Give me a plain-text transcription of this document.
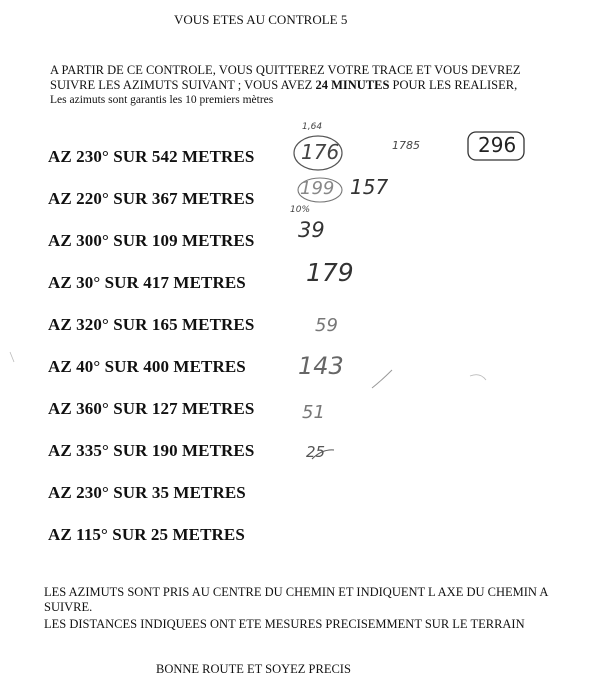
VOUS ETES AU CONTROLE 5
A PARTIR DE CE CONTROLE, VOUS QUITTEREZ VOTRE TRACE ET VOUS DEVREZ
SUIVRE LES AZIMUTS SUIVANT ; VOUS AVEZ 24 MINUTES POUR LES REALISER,
Les azimuts sont garantis les 10 premiers mètres
AZ 230° SUR 542 METRES
AZ 220° SUR 367 METRES
AZ 300° SUR 109 METRES
AZ 30° SUR 417 METRES
AZ 320° SUR 165 METRES
AZ 40° SUR 400 METRES
AZ 360° SUR 127 METRES
AZ 335° SUR 190 METRES
AZ 230° SUR 35 METRES
AZ 115° SUR 25 METRES
176
1,64
1785	296
199 157
10%
39
179
59
143
51
25
LES AZIMUTS SONT PRIS AU CENTRE DU CHEMIN ET INDIQUENT L AXE DU CHEMIN A
SUIVRE.
LES DISTANCES INDIQUEES ONT ETE MESURES PRECISEMMENT SUR LE TERRAIN
BONNE ROUTE ET SOYEZ PRECIS
